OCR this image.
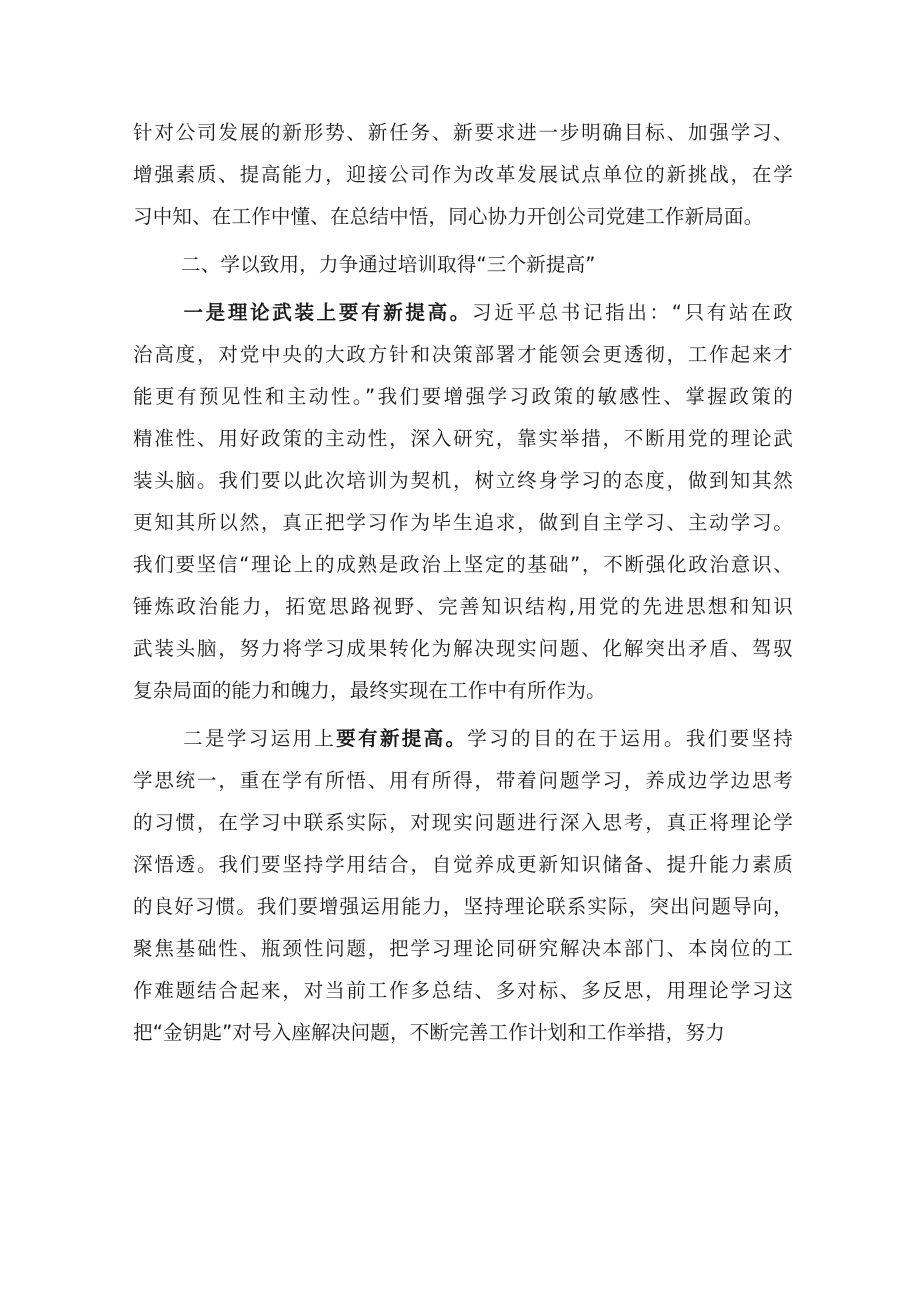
针对公司发展的新形势、新任务、新要求进一步明确目标、加强学习、
增强素质、提高能力，迎接公司作为改革发展试点单位的新挑战，在学
习中知、在工作中懂、在总结中悟，同心协力开创公司党建工作新局面。
二、学以致用，力争通过培训取得“三个新提高”
一是理论武装上要有新提高。习近平总书记指出：“只有站在政
治高度，对党中央的大政方针和决策部署才能领会更透彻，工作起来才
能更有预见性和主动性。”我们要增强学习政策的敏感性、掌握政策的
精准性、用好政策的主动性，深入研究，靠实举措，不断用党的理论武
装头脑。我们要以此次培训为契机，树立终身学习的态度，做到知其然
更知其所以然，真正把学习作为毕生追求，做到自主学习、主动学习。
我们要坚信“理论上的成熟是政治上坚定的基础”，不断强化政治意识、
锤炼政治能力，拓宽思路视野、完善知识结构,用党的先进思想和知识
武装头脑，努力将学习成果转化为解决现实问题、化解突出矛盾、驾驭
复杂局面的能力和魄力，最终实现在工作中有所作为。
二是学习运用上要有新提高。学习的目的在于运用。我们要坚持
学思统一，重在学有所悟、用有所得，带着问题学习，养成边学边思考
的习惯，在学习中联系实际，对现实问题进行深入思考，真正将理论学
深悟透。我们要坚持学用结合，自觉养成更新知识储备、提升能力素质
的良好习惯。我们要增强运用能力，坚持理论联系实际，突出问题导向，
聚焦基础性、瓶颈性问题，把学习理论同研究解决本部门、本岗位的工
作难题结合起来，对当前工作多总结、多对标、多反思，用理论学习这
把“金钥匙”对号入座解决问题，不断完善工作计划和工作举措，努力
